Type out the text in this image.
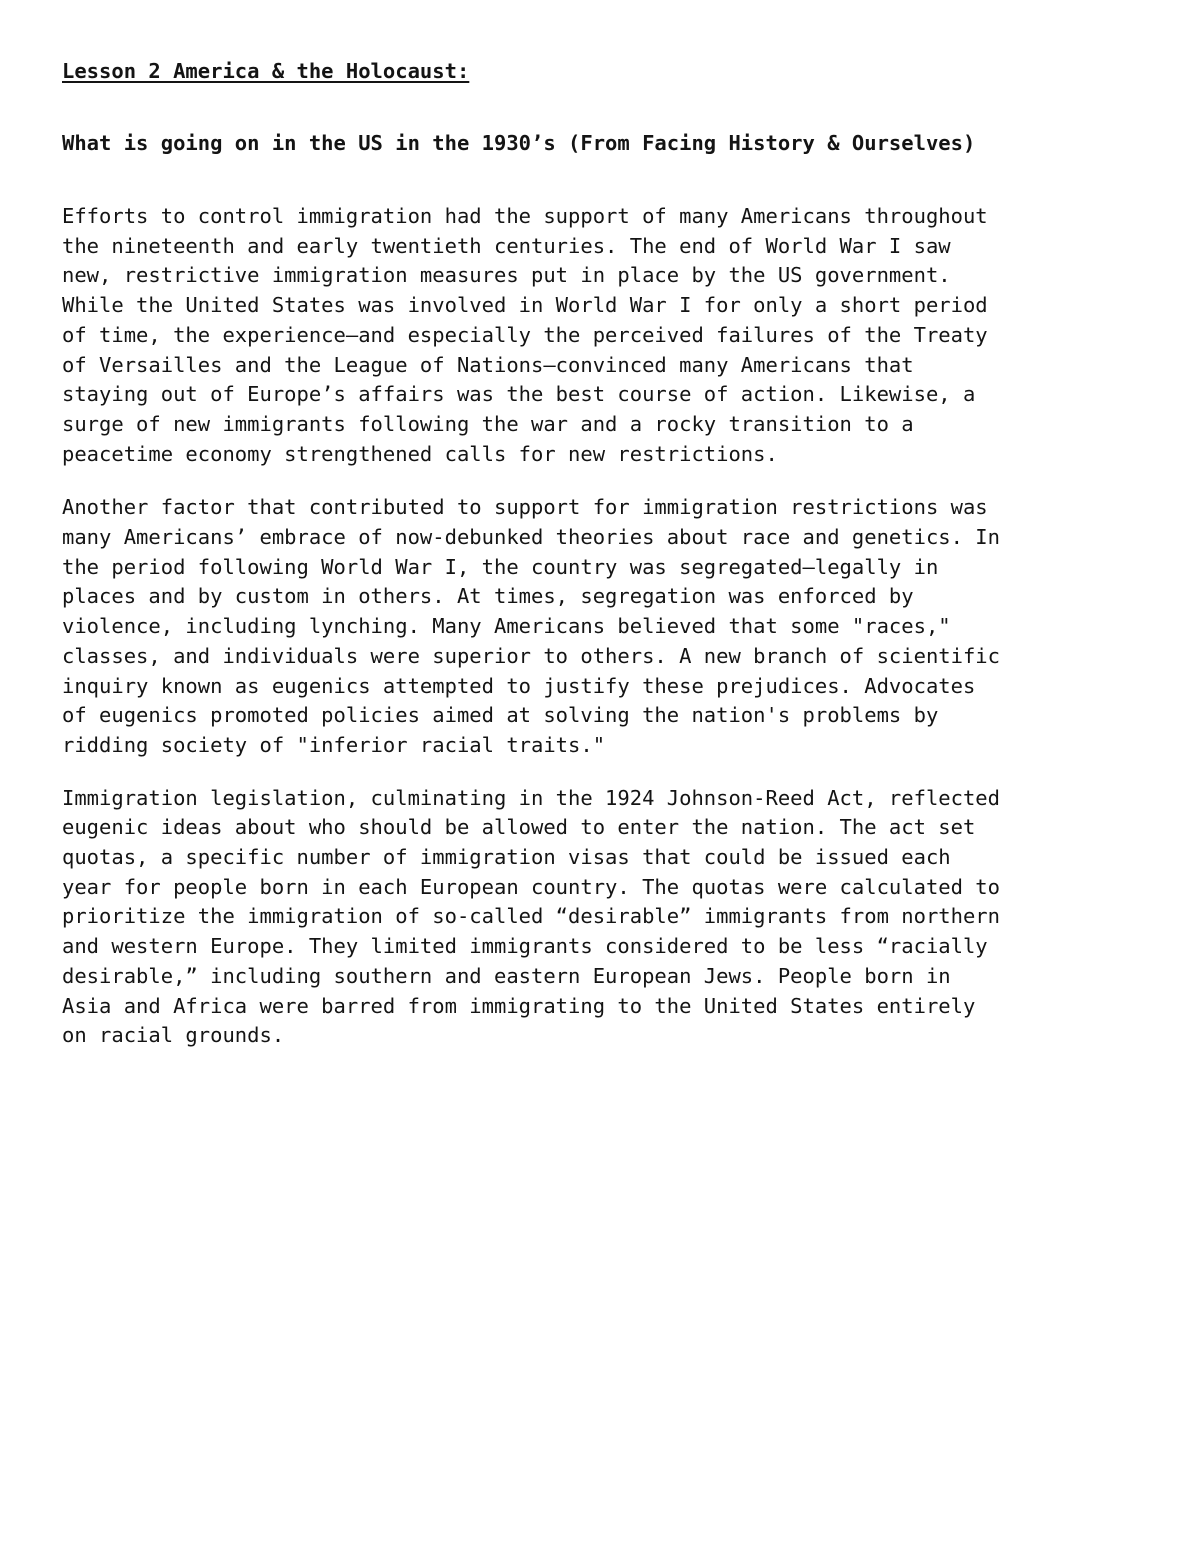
Lesson 2 America & the Holocaust:
What is going on in the US in the 1930’s (From Facing History & Ourselves)

Efforts to control immigration had the support of many Americans throughout
the nineteenth and early twentieth centuries. The end of World War I saw
new, restrictive immigration measures put in place by the US government.
While the United States was involved in World War I for only a short period
of time, the experience—and especially the perceived failures of the Treaty
of Versailles and the League of Nations—convinced many Americans that
staying out of Europe’s affairs was the best course of action. Likewise, a
surge of new immigrants following the war and a rocky transition to a
peacetime economy strengthened calls for new restrictions.

Another factor that contributed to support for immigration restrictions was
many Americans’ embrace of now-debunked theories about race and genetics. In
the period following World War I, the country was segregated—legally in
places and by custom in others. At times, segregation was enforced by
violence, including lynching. Many Americans believed that some "races,"
classes, and individuals were superior to others. A new branch of scientific
inquiry known as eugenics attempted to justify these prejudices. Advocates
of eugenics promoted policies aimed at solving the nation's problems by
ridding society of "inferior racial traits."

Immigration legislation, culminating in the 1924 Johnson-Reed Act, reflected
eugenic ideas about who should be allowed to enter the nation. The act set
quotas, a specific number of immigration visas that could be issued each
year for people born in each European country. The quotas were calculated to
prioritize the immigration of so-called “desirable” immigrants from northern
and western Europe. They limited immigrants considered to be less “racially
desirable,” including southern and eastern European Jews. People born in
Asia and Africa were barred from immigrating to the United States entirely
on racial grounds.
